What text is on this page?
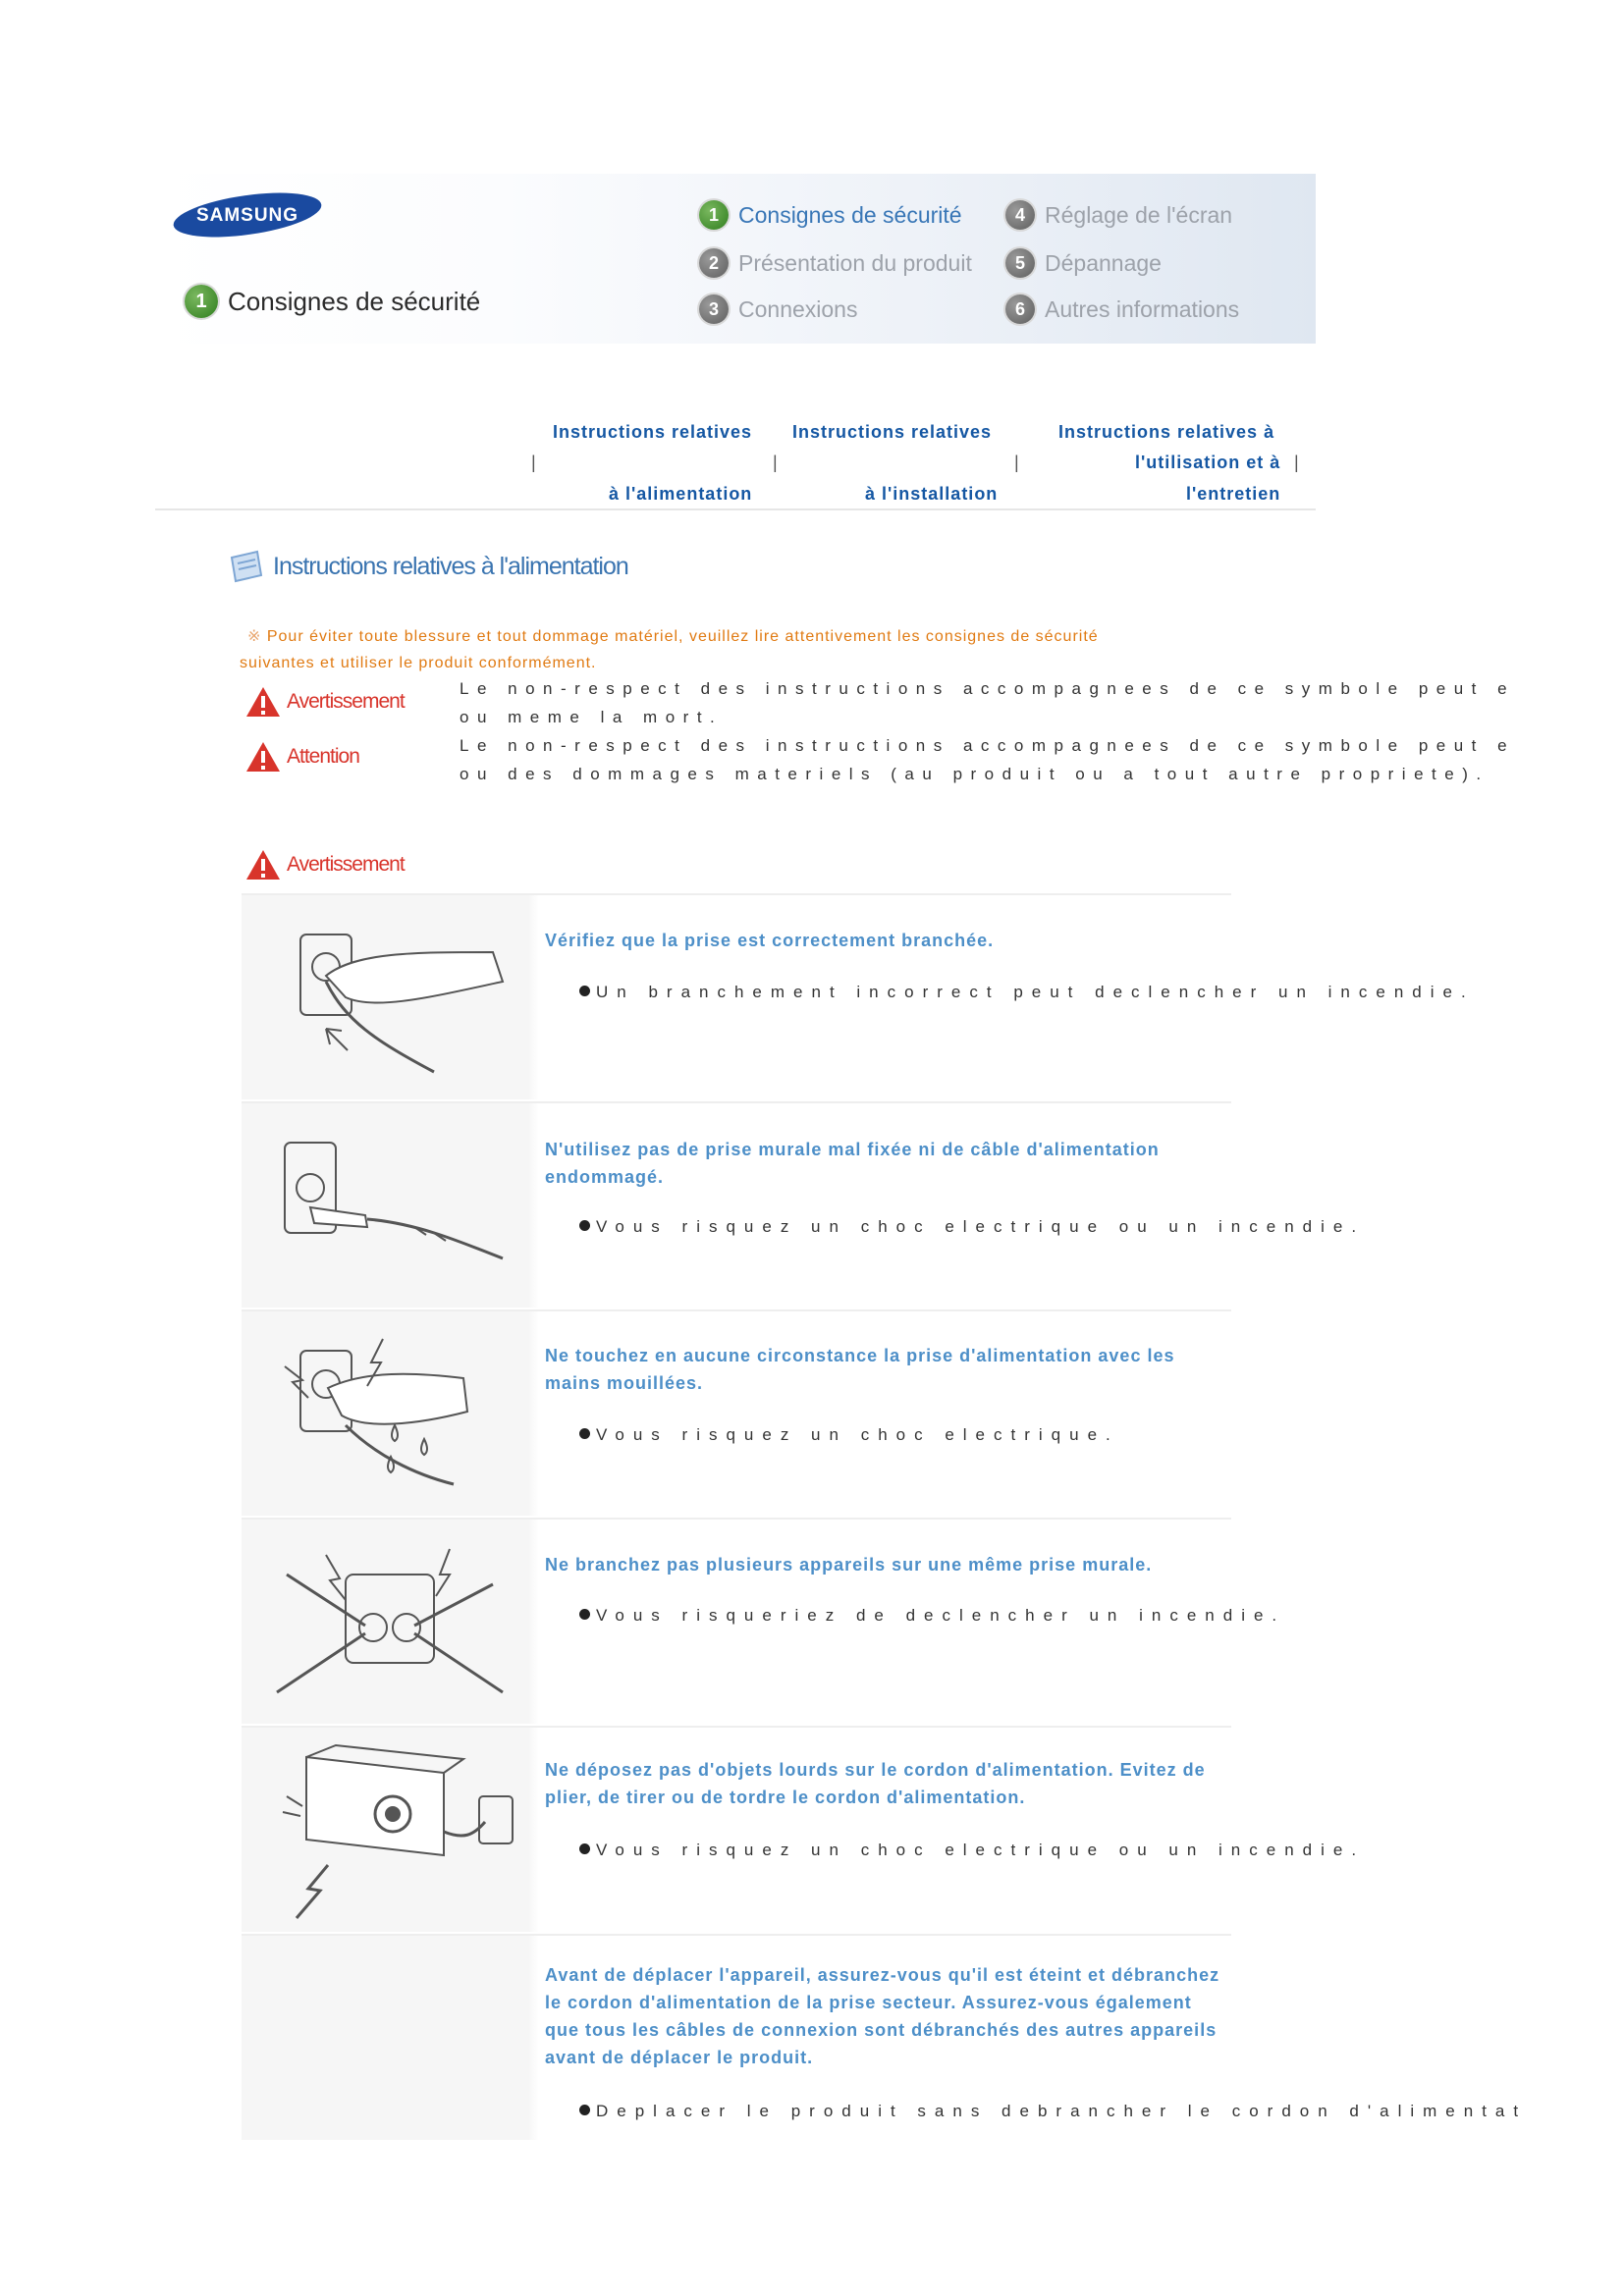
SAMSUNG
1 Consignes de sécurité
1 Consignes de sécurité
2 Présentation du produit
3 Connexions
4 Réglage de l'écran
5 Dépannage
6 Autres informations
Instructions relatives
à l'alimentation
Instructions relatives
à l'installation
Instructions relatives à
l'utilisation et à
l'entretien
|	|	|	|
Instructions relatives à l'alimentation
※ Pour éviter toute blessure et tout dommage matériel, veuillez lire attentivement les consignes de sécurité
suivantes et utiliser le produit conformément.
Avertissement
Attention
Le non-respect des instructions accompagnees de ce symbole peut e
ou meme la mort.
Le non-respect des instructions accompagnees de ce symbole peut e
ou des dommages materiels (au produit ou a tout autre propriete).
Avertissement
Vérifiez que la prise est correctement branchée.
Un branchement incorrect peut declencher un incendie.
N'utilisez pas de prise murale mal fixée ni de câble d'alimentation endommagé.
Vous risquez un choc electrique ou un incendie.
Ne touchez en aucune circonstance la prise d'alimentation avec les mains mouillées.
Vous risquez un choc electrique.
Ne branchez pas plusieurs appareils sur une même prise murale.
Vous risqueriez de declencher un incendie.
Ne déposez pas d'objets lourds sur le cordon d'alimentation. Evitez de plier, de tirer ou de tordre le cordon d'alimentation.
Vous risquez un choc electrique ou un incendie.
Avant de déplacer l'appareil, assurez-vous qu'il est éteint et débranchez le cordon d'alimentation de la prise secteur. Assurez-vous également que tous les câbles de connexion sont débranchés des autres appareils avant de déplacer le produit.
Deplacer le produit sans debrancher le cordon d'alimentat
